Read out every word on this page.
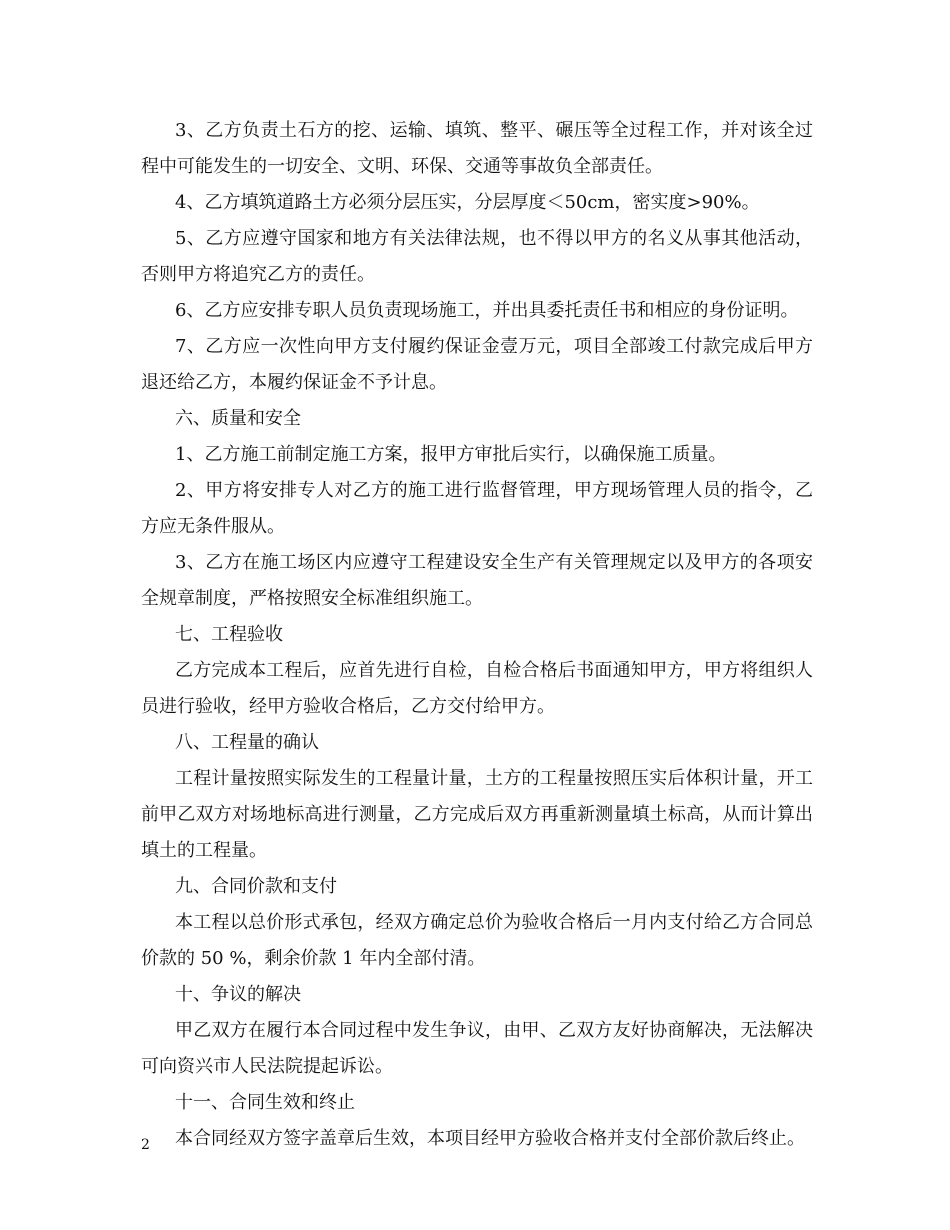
3、乙方负责土石方的挖、运输、填筑、整平、碾压等全过程工作，并对该全过程中可能发生的一切安全、文明、环保、交通等事故负全部责任。

4、乙方填筑道路土方必须分层压实，分层厚度＜50cm，密实度>90%。

5、乙方应遵守国家和地方有关法律法规，也不得以甲方的名义从事其他活动，否则甲方将追究乙方的责任。

6、乙方应安排专职人员负责现场施工，并出具委托责任书和相应的身份证明。

7、乙方应一次性向甲方支付履约保证金壹万元，项目全部竣工付款完成后甲方退还给乙方，本履约保证金不予计息。

六、质量和安全

1、乙方施工前制定施工方案，报甲方审批后实行，以确保施工质量。

2、甲方将安排专人对乙方的施工进行监督管理，甲方现场管理人员的指令，乙方应无条件服从。

3、乙方在施工场区内应遵守工程建设安全生产有关管理规定以及甲方的各项安全规章制度，严格按照安全标准组织施工。

七、工程验收

乙方完成本工程后，应首先进行自检，自检合格后书面通知甲方，甲方将组织人员进行验收，经甲方验收合格后，乙方交付给甲方。

八、工程量的确认

工程计量按照实际发生的工程量计量，土方的工程量按照压实后体积计量，开工前甲乙双方对场地标高进行测量，乙方完成后双方再重新测量填土标高，从而计算出填土的工程量。

九、合同价款和支付

本工程以总价形式承包，经双方确定总价为验收合格后一月内支付给乙方合同总价款的 50 %，剩余价款 1 年内全部付清。

十、争议的解决

甲乙双方在履行本合同过程中发生争议，由甲、乙双方友好协商解决，无法解决可向资兴市人民法院提起诉讼。

十一、合同生效和终止

本合同经双方签字盖章后生效，本项目经甲方验收合格并支付全部价款后终止。

2
